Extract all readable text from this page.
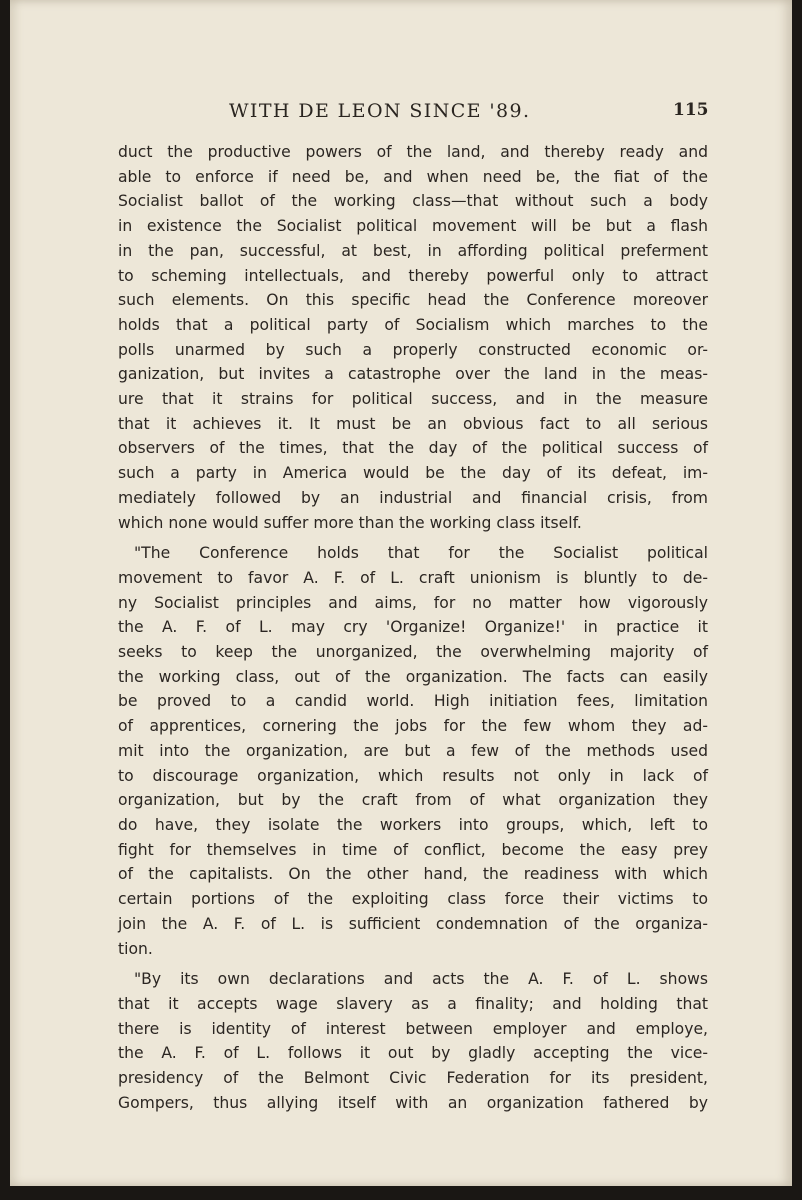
WITH DE LEON SINCE '89.	115

duct the productive powers of the land, and thereby ready and
able to enforce if need be, and when need be, the fiat of the
Socialist ballot of the working class—that without such a body
in existence the Socialist political movement will be but a flash
in the pan, successful, at best, in affording political preferment
to scheming intellectuals, and thereby powerful only to attract
such elements. On this specific head the Conference moreover
holds that a political party of Socialism which marches to the
polls unarmed by such a properly constructed economic or-
ganization, but invites a catastrophe over the land in the meas-
ure that it strains for political success, and in the measure
that it achieves it. It must be an obvious fact to all serious
observers of the times, that the day of the political success of
such a party in America would be the day of its defeat, im-
mediately followed by an industrial and financial crisis, from
which none would suffer more than the working class itself.

"The Conference holds that for the Socialist political
movement to favor A. F. of L. craft unionism is bluntly to de-
ny Socialist principles and aims, for no matter how vigorously
the A. F. of L. may cry 'Organize! Organize!' in practice it
seeks to keep the unorganized, the overwhelming majority of
the working class, out of the organization. The facts can easily
be proved to a candid world. High initiation fees, limitation
of apprentices, cornering the jobs for the few whom they ad-
mit into the organization, are but a few of the methods used
to discourage organization, which results not only in lack of
organization, but by the craft from of what organization they
do have, they isolate the workers into groups, which, left to
fight for themselves in time of conflict, become the easy prey
of the capitalists. On the other hand, the readiness with which
certain portions of the exploiting class force their victims to
join the A. F. of L. is sufficient condemnation of the organiza-
tion.

"By its own declarations and acts the A. F. of L. shows
that it accepts wage slavery as a finality; and holding that
there is identity of interest between employer and employe,
the A. F. of L. follows it out by gladly accepting the vice-
presidency of the Belmont Civic Federation for its president,
Gompers, thus allying itself with an organization fathered by
